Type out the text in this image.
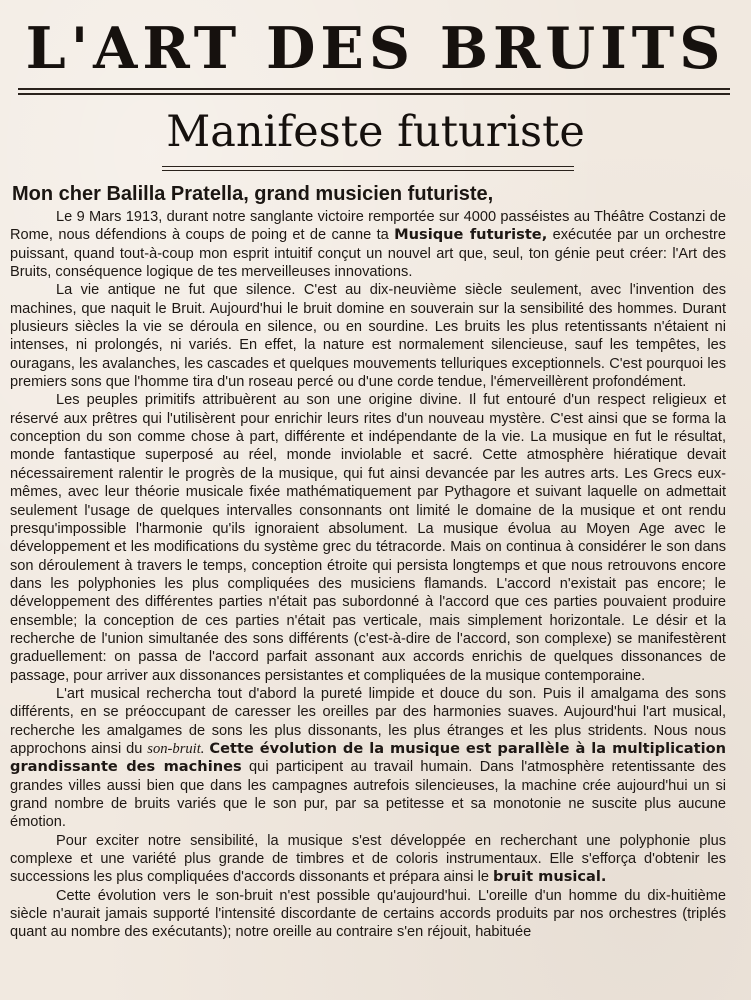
L'ART DES BRUITS
Manifeste futuriste
Mon cher Balilla Pratella, grand musicien futuriste,

Le 9 Mars 1913, durant notre sanglante victoire remportée sur 4000 passéistes au Théâtre Costanzi de Rome, nous défendions à coups de poing et de canne ta Musique futuriste, exécutée par un orchestre puissant, quand tout-à-coup mon esprit intuitif conçut un nouvel art que, seul, ton génie peut créer: l'Art des Bruits, conséquence logique de tes merveilleuses innovations.

La vie antique ne fut que silence. C'est au dix-neuvième siècle seulement, avec l'invention des machines, que naquit le Bruit. Aujourd'hui le bruit domine en souverain sur la sensibilité des hommes. Durant plusieurs siècles la vie se déroula en silence, ou en sourdine. Les bruits les plus retentissants n'étaient ni intenses, ni prolongés, ni variés. En effet, la nature est normalement silencieuse, sauf les tempêtes, les ouragans, les avalanches, les cascades et quelques mouvements telluriques exceptionnels. C'est pourquoi les premiers sons que l'homme tira d'un roseau percé ou d'une corde tendue, l'émerveillèrent profondément.

Les peuples primitifs attribuèrent au son une origine divine. Il fut entouré d'un respect religieux et réservé aux prêtres qui l'utilisèrent pour enrichir leurs rites d'un nouveau mystère. C'est ainsi que se forma la conception du son comme chose à part, différente et indépendante de la vie. La musique en fut le résultat, monde fantastique superposé au réel, monde inviolable et sacré. Cette atmosphère hiératique devait nécessairement ralentir le progrès de la musique, qui fut ainsi devancée par les autres arts. Les Grecs eux-mêmes, avec leur théorie musicale fixée mathématiquement par Pythagore et suivant laquelle on admettait seulement l'usage de quelques intervalles consonnants ont limité le domaine de la musique et ont rendu presqu'impossible l'harmonie qu'ils ignoraient absolument. La musique évolua au Moyen Age avec le développement et les modifications du système grec du tétracorde. Mais on continua à considérer le son dans son déroulement à travers le temps, conception étroite qui persista longtemps et que nous retrouvons encore dans les polyphonies les plus compliquées des musiciens flamands. L'accord n'existait pas encore; le développement des différentes parties n'était pas subordonné à l'accord que ces parties pouvaient produire ensemble; la conception de ces parties n'était pas verticale, mais simplement horizontale. Le désir et la recherche de l'union simultanée des sons différents (c'est-à-dire de l'accord, son complexe) se manifestèrent graduellement: on passa de l'accord parfait assonant aux accords enrichis de quelques dissonances de passage, pour arriver aux dissonances persistantes et compliquées de la musique contemporaine.

L'art musical rechercha tout d'abord la pureté limpide et douce du son. Puis il amalgama des sons différents, en se préoccupant de caresser les oreilles par des harmonies suaves. Aujourd'hui l'art musical, recherche les amalgames de sons les plus dissonants, les plus étranges et les plus stridents. Nous nous approchons ainsi du son-bruit. Cette évolution de la musique est parallèle à la multiplication grandissante des machines qui participent au travail humain. Dans l'atmosphère retentissante des grandes villes aussi bien que dans les campagnes autrefois silencieuses, la machine crée aujourd'hui un si grand nombre de bruits variés que le son pur, par sa petitesse et sa monotonie ne suscite plus aucune émotion.

Pour exciter notre sensibilité, la musique s'est développée en recherchant une polyphonie plus complexe et une variété plus grande de timbres et de coloris instrumentaux. Elle s'efforça d'obtenir les successions les plus compliquées d'accords dissonants et prépara ainsi le bruit musical.

Cette évolution vers le son-bruit n'est possible qu'aujourd'hui. L'oreille d'un homme du dix-huitième siècle n'aurait jamais supporté l'intensité discordante de certains accords produits par nos orchestres (triplés quant au nombre des exécutants); notre oreille au contraire s'en réjouit, habituée
